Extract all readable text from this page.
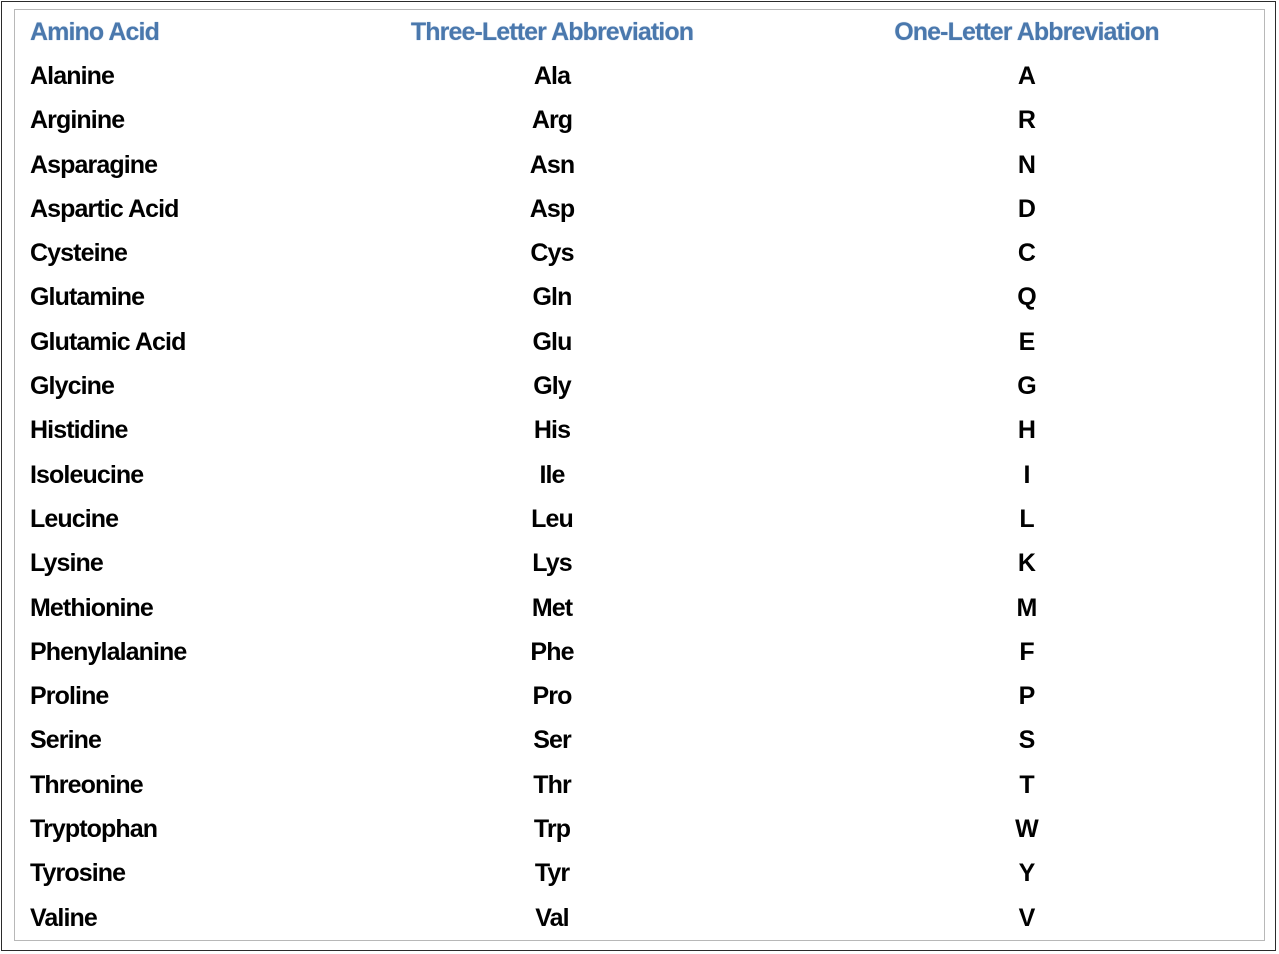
Amino Acid	Three-Letter Abbreviation	One-Letter Abbreviation
Alanine	Ala	A
Arginine	Arg	R
Asparagine	Asn	N
Aspartic Acid	Asp	D
Cysteine	Cys	C
Glutamine	Gln	Q
Glutamic Acid	Glu	E
Glycine	Gly	G
Histidine	His	H
Isoleucine	Ile	I
Leucine	Leu	L
Lysine	Lys	K
Methionine	Met	M
Phenylalanine	Phe	F
Proline	Pro	P
Serine	Ser	S
Threonine	Thr	T
Tryptophan	Trp	W
Tyrosine	Tyr	Y
Valine	Val	V
